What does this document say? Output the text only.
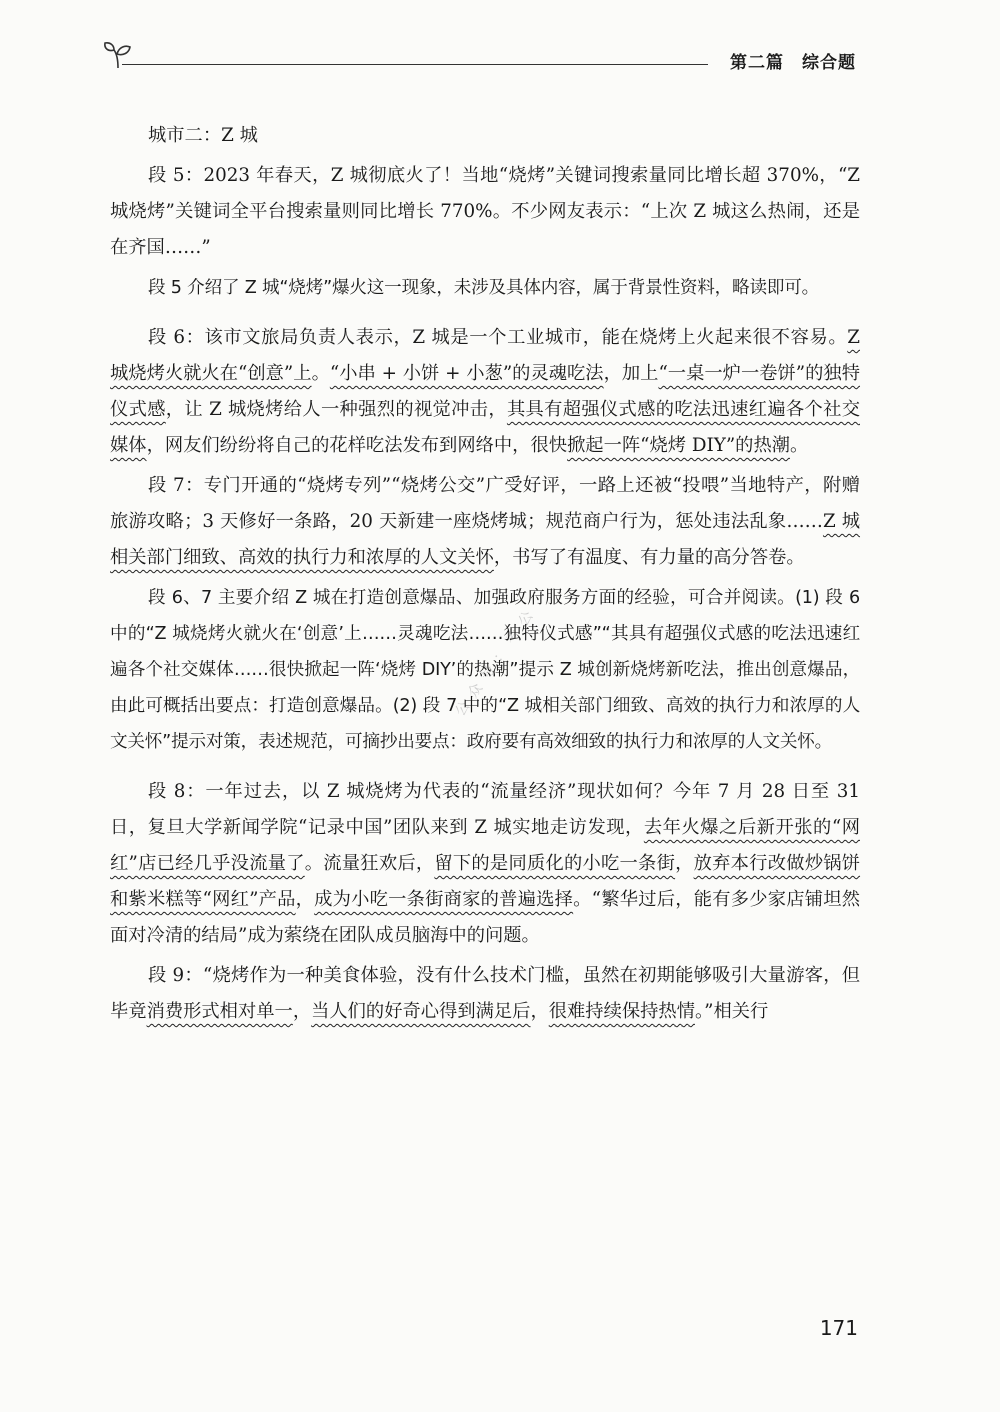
第二篇　综合题
公众号：考公

城市二：Z 城

段 5：2023 年春天，Z 城彻底火了！当地“烧烤”关键词搜索量同比增长超 370%，“Z 城烧烤”关键词全平台搜索量则同比增长 770%。不少网友表示：“上次 Z 城这么热闹，还是在齐国……”

段 5 介绍了 Z 城“烧烤”爆火这一现象，未涉及具体内容，属于背景性资料，略读即可。

段 6：该市文旅局负责人表示，Z 城是一个工业城市，能在烧烤上火起来很不容易。Z 城烧烤火就火在“创意”上。“小串 + 小饼 + 小葱”的灵魂吃法，加上“一桌一炉一卷饼”的独特仪式感，让 Z 城烧烤给人一种强烈的视觉冲击，其具有超强仪式感的吃法迅速红遍各个社交媒体，网友们纷纷将自己的花样吃法发布到网络中，很快掀起一阵“烧烤 DIY”的热潮。

段 7：专门开通的“烧烤专列”“烧烤公交”广受好评，一路上还被“投喂”当地特产，附赠旅游攻略；3 天修好一条路，20 天新建一座烧烤城；规范商户行为，惩处违法乱象……Z 城相关部门细致、高效的执行力和浓厚的人文关怀，书写了有温度、有力量的高分答卷。

段 6、7 主要介绍 Z 城在打造创意爆品、加强政府服务方面的经验，可合并阅读。(1) 段 6 中的“Z 城烧烤火就火在‘创意’上……灵魂吃法……独特仪式感”“其具有超强仪式感的吃法迅速红遍各个社交媒体……很快掀起一阵‘烧烤 DIY’的热潮”提示 Z 城创新烧烤新吃法，推出创意爆品，由此可概括出要点：打造创意爆品。(2) 段 7 中的“Z 城相关部门细致、高效的执行力和浓厚的人文关怀”提示对策，表述规范，可摘抄出要点：政府要有高效细致的执行力和浓厚的人文关怀。

段 8：一年过去，以 Z 城烧烤为代表的“流量经济”现状如何？今年 7 月 28 日至 31 日，复旦大学新闻学院“记录中国”团队来到 Z 城实地走访发现，去年火爆之后新开张的“网红”店已经几乎没流量了。流量狂欢后，留下的是同质化的小吃一条街，放弃本行改做炒锅饼和紫米糕等“网红”产品，成为小吃一条街商家的普遍选择。“繁华过后，能有多少家店铺坦然面对冷清的结局”成为萦绕在团队成员脑海中的问题。

段 9：“烧烤作为一种美食体验，没有什么技术门槛，虽然在初期能够吸引大量游客，但毕竟消费形式相对单一，当人们的好奇心得到满足后，很难持续保持热情。”相关行

171
